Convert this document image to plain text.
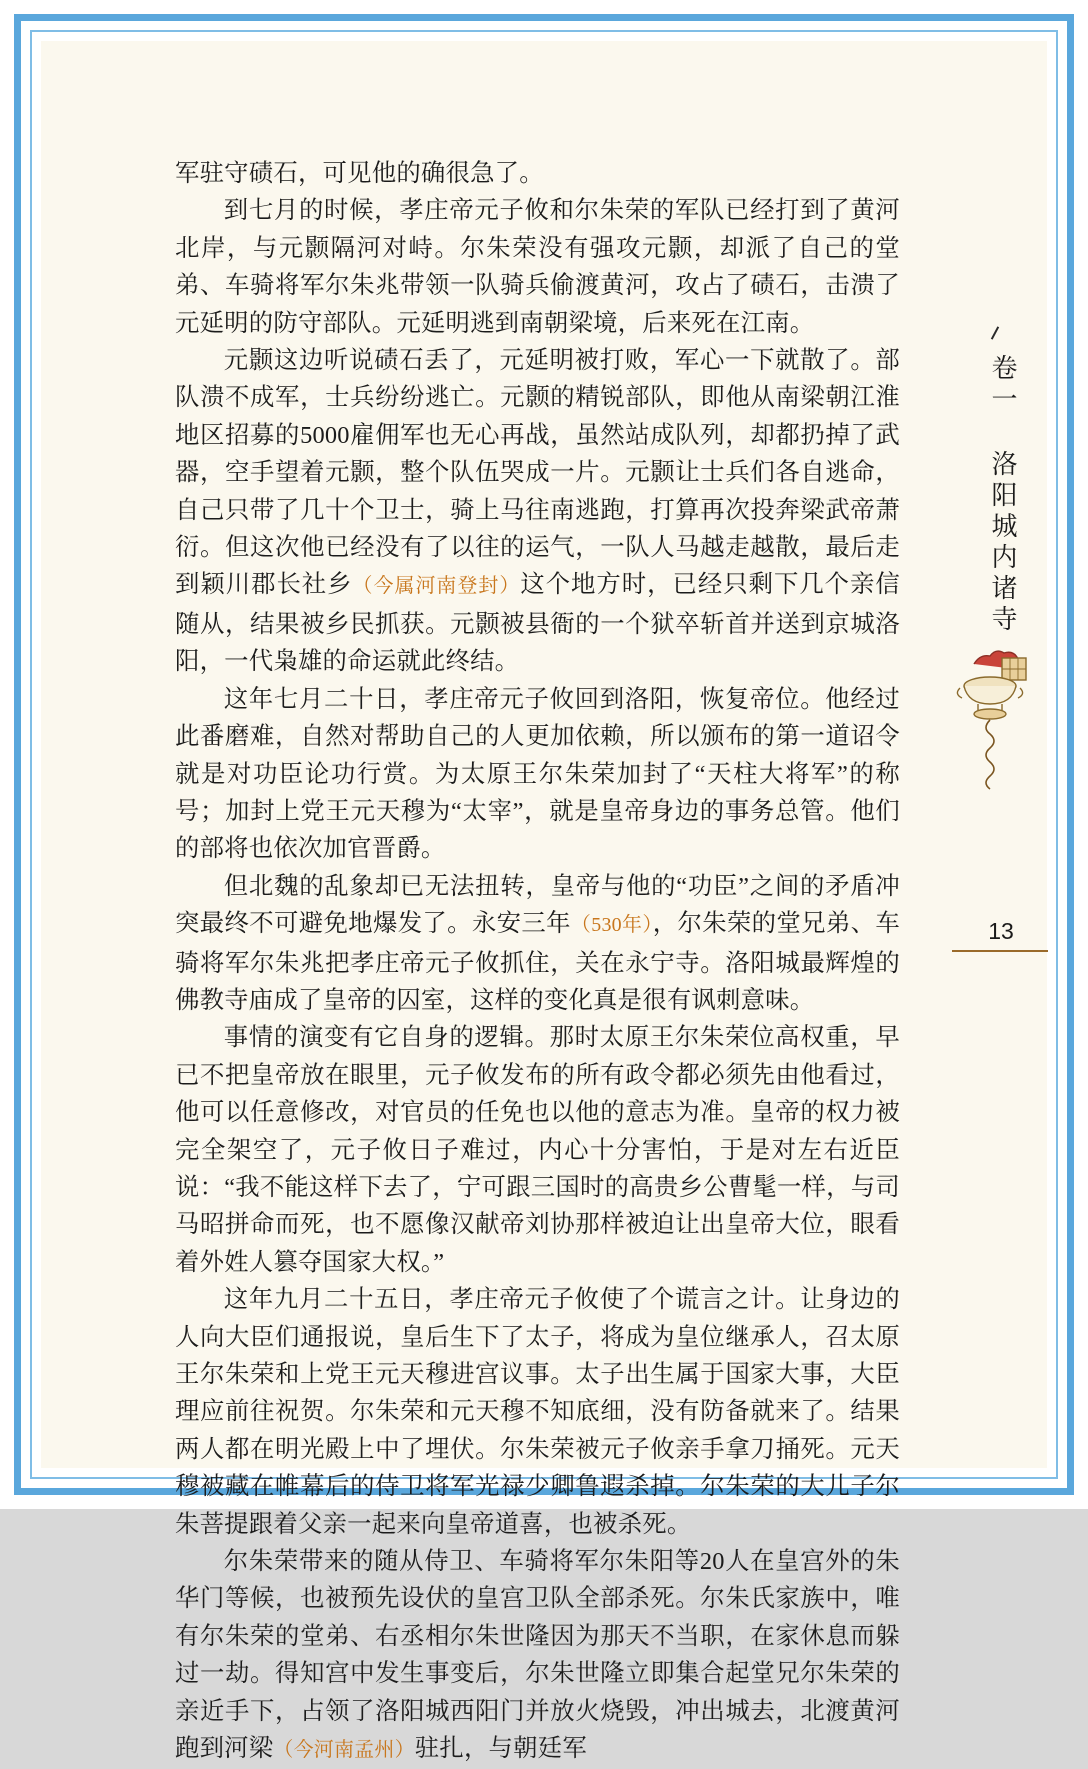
军驻守碛石，可见他的确很急了。

到七月的时候，孝庄帝元子攸和尔朱荣的军队已经打到了黄河北岸，与元颢隔河对峙。尔朱荣没有强攻元颢，却派了自己的堂弟、车骑将军尔朱兆带领一队骑兵偷渡黄河，攻占了碛石，击溃了元延明的防守部队。元延明逃到南朝梁境，后来死在江南。

元颢这边听说碛石丢了，元延明被打败，军心一下就散了。部队溃不成军，士兵纷纷逃亡。元颢的精锐部队，即他从南梁朝江淮地区招募的5000雇佣军也无心再战，虽然站成队列，却都扔掉了武器，空手望着元颢，整个队伍哭成一片。元颢让士兵们各自逃命，自己只带了几十个卫士，骑上马往南逃跑，打算再次投奔梁武帝萧衍。但这次他已经没有了以往的运气，一队人马越走越散，最后走到颖川郡长社乡（今属河南登封）这个地方时，已经只剩下几个亲信随从，结果被乡民抓获。元颢被县衙的一个狱卒斩首并送到京城洛阳，一代枭雄的命运就此终结。

这年七月二十日，孝庄帝元子攸回到洛阳，恢复帝位。他经过此番磨难，自然对帮助自己的人更加依赖，所以颁布的第一道诏令就是对功臣论功行赏。为太原王尔朱荣加封了“天柱大将军”的称号；加封上党王元天穆为“太宰”，就是皇帝身边的事务总管。他们的部将也依次加官晋爵。

但北魏的乱象却已无法扭转，皇帝与他的“功臣”之间的矛盾冲突最终不可避免地爆发了。永安三年（530年），尔朱荣的堂兄弟、车骑将军尔朱兆把孝庄帝元子攸抓住，关在永宁寺。洛阳城最辉煌的佛教寺庙成了皇帝的囚室，这样的变化真是很有讽刺意味。

事情的演变有它自身的逻辑。那时太原王尔朱荣位高权重，早已不把皇帝放在眼里，元子攸发布的所有政令都必须先由他看过，他可以任意修改，对官员的任免也以他的意志为准。皇帝的权力被完全架空了，元子攸日子难过，内心十分害怕，于是对左右近臣说：“我不能这样下去了，宁可跟三国时的高贵乡公曹髦一样，与司马昭拼命而死，也不愿像汉献帝刘协那样被迫让出皇帝大位，眼看着外姓人篡夺国家大权。”

这年九月二十五日，孝庄帝元子攸使了个谎言之计。让身边的人向大臣们通报说，皇后生下了太子，将成为皇位继承人，召太原王尔朱荣和上党王元天穆进宫议事。太子出生属于国家大事，大臣理应前往祝贺。尔朱荣和元天穆不知底细，没有防备就来了。结果两人都在明光殿上中了埋伏。尔朱荣被元子攸亲手拿刀捅死。元天穆被藏在帷幕后的侍卫将军光禄少卿鲁遐杀掉。尔朱荣的大儿子尔朱菩提跟着父亲一起来向皇帝道喜，也被杀死。

尔朱荣带来的随从侍卫、车骑将军尔朱阳等20人在皇宫外的朱华门等候，也被预先设伏的皇宫卫队全部杀死。尔朱氏家族中，唯有尔朱荣的堂弟、右丞相尔朱世隆因为那天不当职，在家休息而躲过一劫。得知宫中发生事变后，尔朱世隆立即集合起堂兄尔朱荣的亲近手下，占领了洛阳城西阳门并放火烧毁，冲出城去，北渡黄河跑到河梁（今河南孟州）驻扎，与朝廷军

卷一 洛阳城内诸寺
13
